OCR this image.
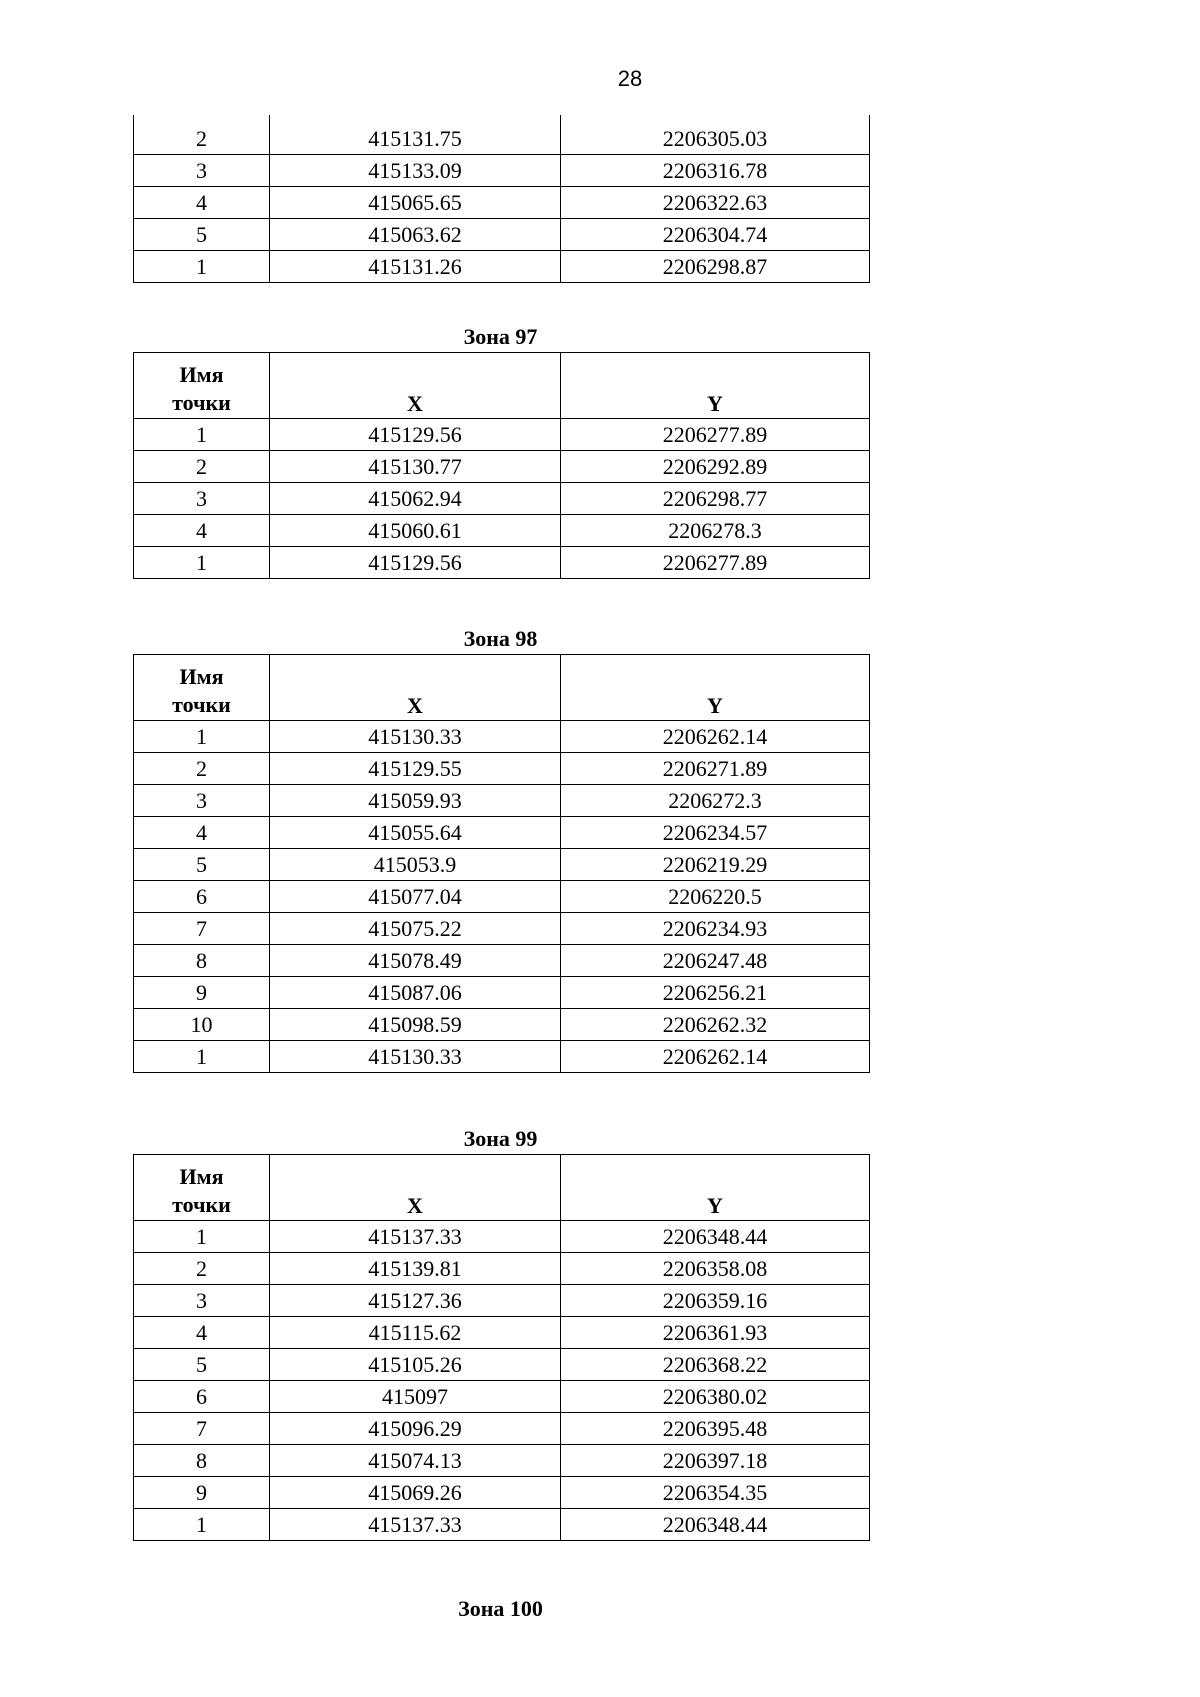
28
2	415131.75	2206305.03
3	415133.09	2206316.78
4	415065.65	2206322.63
5	415063.62	2206304.74
1	415131.26	2206298.87
Зона 97
Имя
точки	X	Y
1	415129.56	2206277.89
2	415130.77	2206292.89
3	415062.94	2206298.77
4	415060.61	2206278.3
1	415129.56	2206277.89
Зона 98
Имя
точки	X	Y
1	415130.33	2206262.14
2	415129.55	2206271.89
3	415059.93	2206272.3
4	415055.64	2206234.57
5	415053.9	2206219.29
6	415077.04	2206220.5
7	415075.22	2206234.93
8	415078.49	2206247.48
9	415087.06	2206256.21
10	415098.59	2206262.32
1	415130.33	2206262.14
Зона 99
Имя
точки	X	Y
1	415137.33	2206348.44
2	415139.81	2206358.08
3	415127.36	2206359.16
4	415115.62	2206361.93
5	415105.26	2206368.22
6	415097	2206380.02
7	415096.29	2206395.48
8	415074.13	2206397.18
9	415069.26	2206354.35
1	415137.33	2206348.44
Зона 100
